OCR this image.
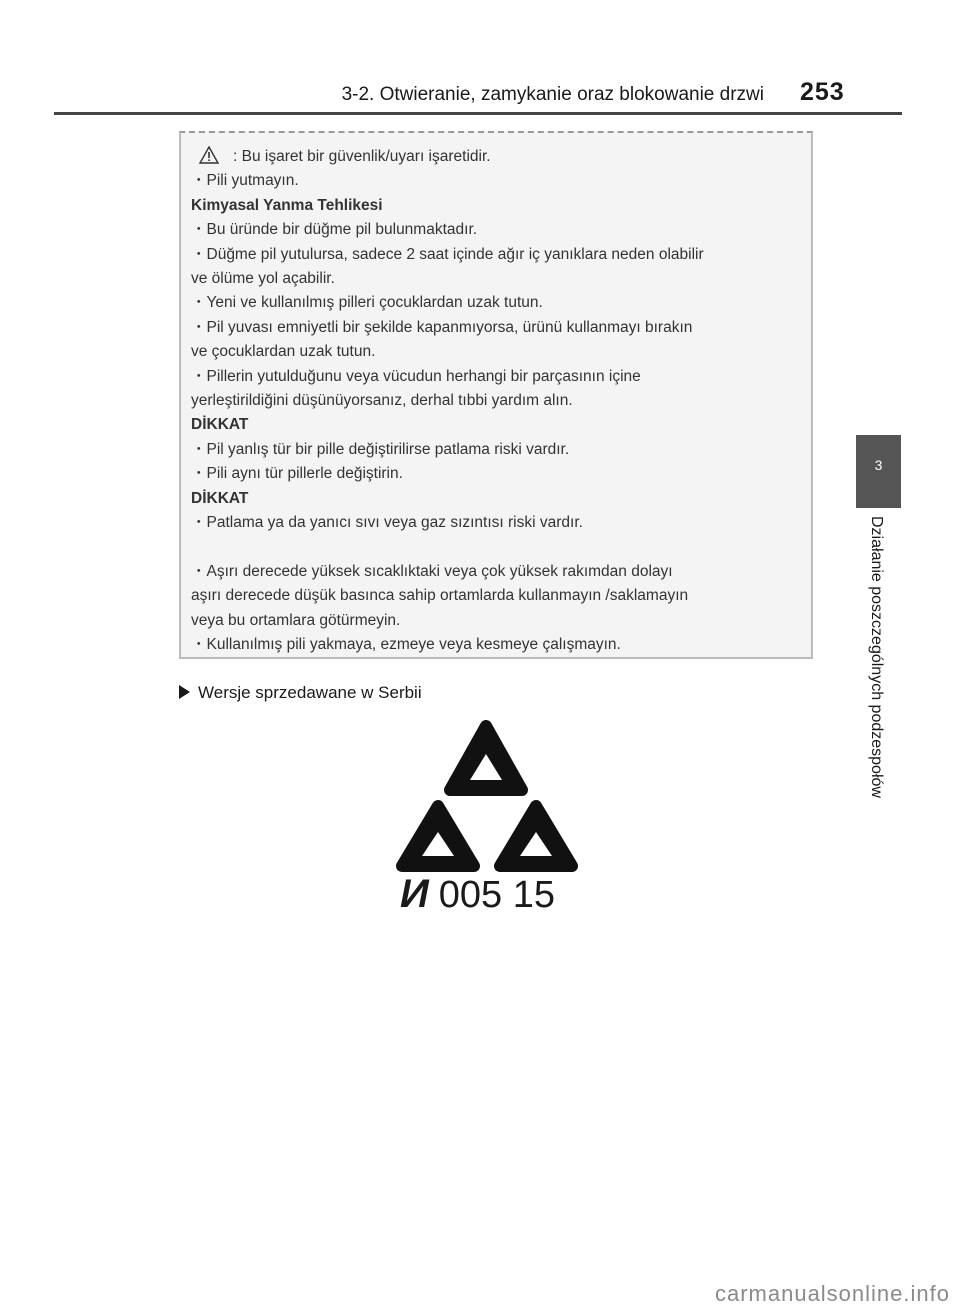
3-2. Otwieranie, zamykanie oraz blokowanie drzwi 253
3
Działanie poszczególnych podzespołów
: Bu işaret bir güvenlik/uyarı işaretidir.
・Pili yutmayın.
Kimyasal Yanma Tehlikesi
・Bu üründe bir düğme pil bulunmaktadır.
・Düğme pil yutulursa, sadece 2 saat içinde ağır iç yanıklara neden olabilir
ve ölüme yol açabilir.
・Yeni ve kullanılmış pilleri çocuklardan uzak tutun.
・Pil yuvası emniyetli bir şekilde kapanmıyorsa, ürünü kullanmayı bırakın
ve çocuklardan uzak tutun.
・Pillerin yutulduğunu veya vücudun herhangi bir parçasının içine
yerleştirildiğini düşünüyorsanız, derhal tıbbi yardım alın.
DİKKAT
・Pil yanlış tür bir pille değiştirilirse patlama riski vardır.
・Pili aynı tür pillerle değiştirin.
DİKKAT
・Patlama ya da yanıcı sıvı veya gaz sızıntısı riski vardır.

・Aşırı derecede yüksek sıcaklıktaki veya çok yüksek rakımdan dolayı
aşırı derecede düşük basınca sahip ortamlarda kullanmayın /saklamayın
veya bu ortamlara götürmeyin.
・Kullanılmış pili yakmaya, ezmeye veya kesmeye çalışmayın.
Wersje sprzedawane w Serbii
И 005 15
carmanualsonline.info
